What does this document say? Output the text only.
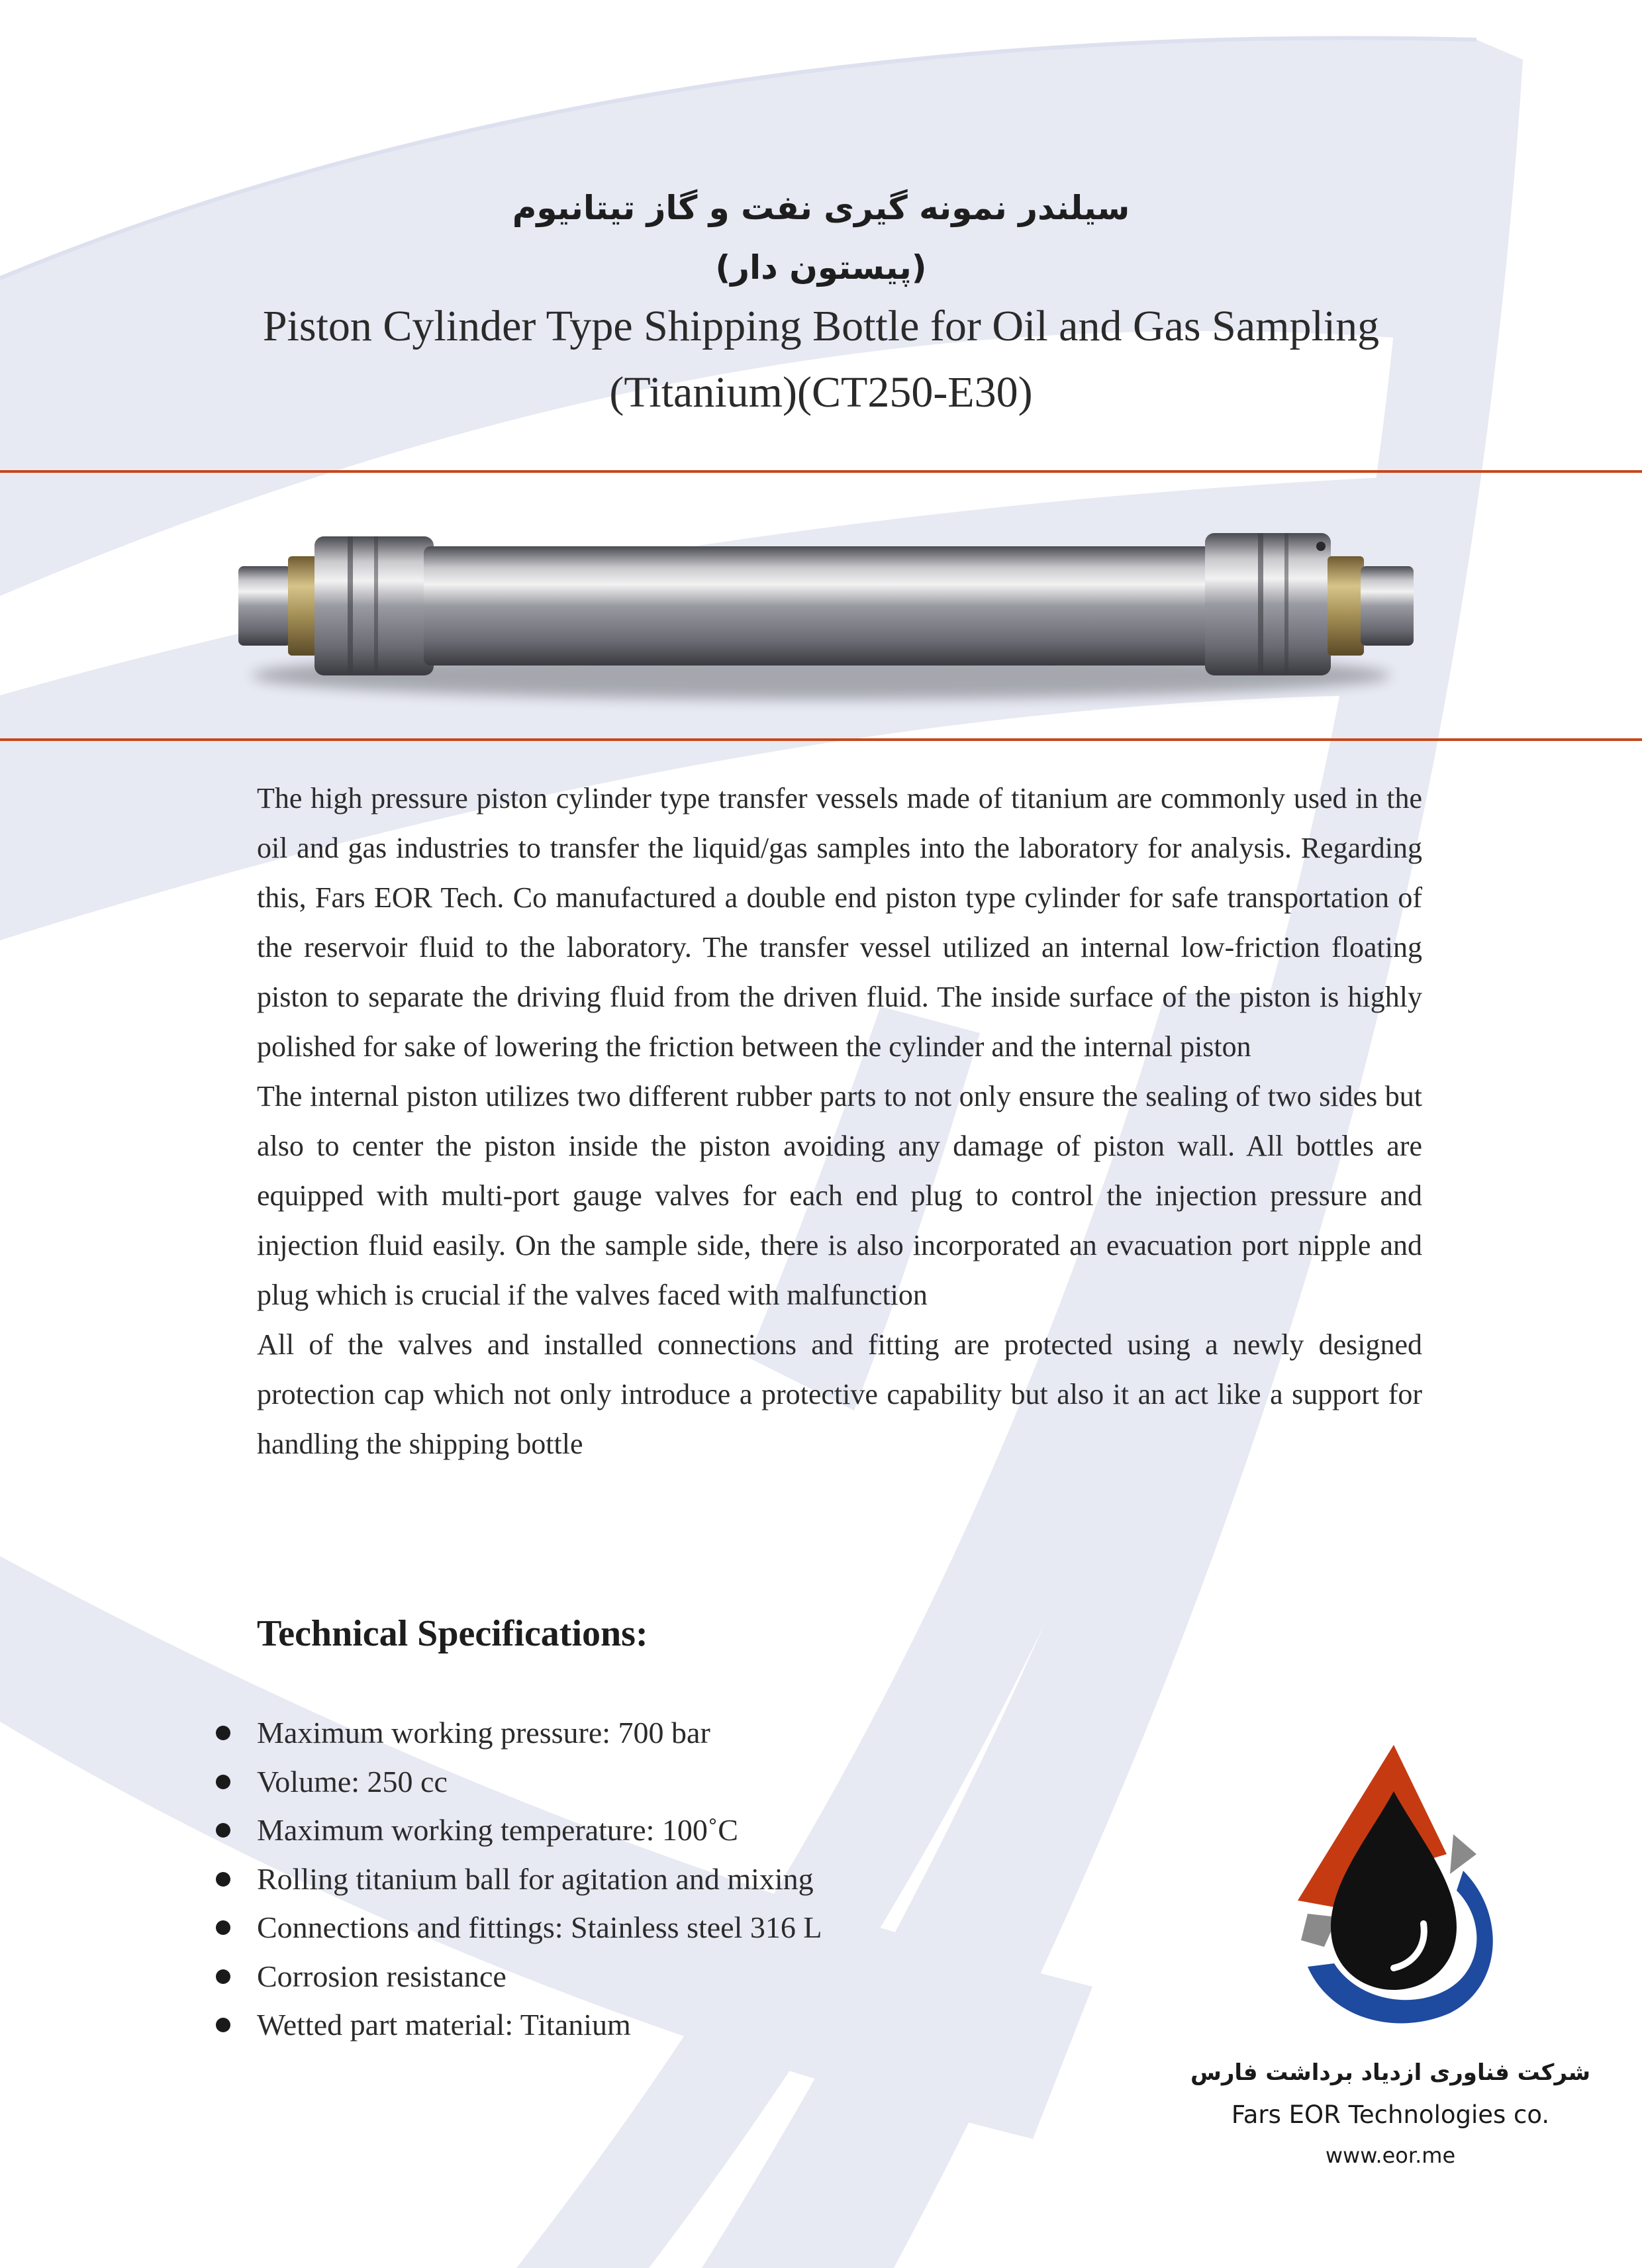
سیلندر نمونه گیری نفت و گاز تیتانیوم
(پیستون دار)
Piston Cylinder Type Shipping Bottle for Oil and Gas Sampling
(Titanium)(CT250-E30)

The high pressure piston cylinder type transfer vessels made of titanium are commonly used in the oil and gas industries to transfer the liquid/gas samples into the laboratory for analysis. Regarding this, Fars EOR Tech. Co manufactured a double end piston type cylinder for safe transportation of the reservoir fluid to the laboratory. The transfer vessel utilized an internal low-friction floating piston to separate the driving fluid from the driven fluid. The inside surface of the piston is highly polished for sake of lowering the friction between the cylinder and the internal piston

The internal piston utilizes two different rubber parts to not only ensure the sealing of two sides but also to center the piston inside the piston avoiding any damage of piston wall. All bottles are equipped with multi-port gauge valves for each end plug to control the injection pressure and injection fluid easily. On the sample side, there is also incorporated an evacuation port nipple and plug which is crucial if the valves faced with malfunction

All of the valves and installed connections and fitting are protected using a newly designed protection cap which not only introduce a protective capability but also it an act like a support for handling the shipping bottle

Technical Specifications:
Maximum working pressure: 700 bar
Volume: 250 cc
Maximum working temperature: 100˚C
Rolling titanium ball for agitation and mixing
Connections and fittings: Stainless steel 316 L
Corrosion resistance
Wetted part material: Titanium
شرکت فناوری ازدیاد برداشت فارس
Fars EOR Technologies co.
www.eor.me
